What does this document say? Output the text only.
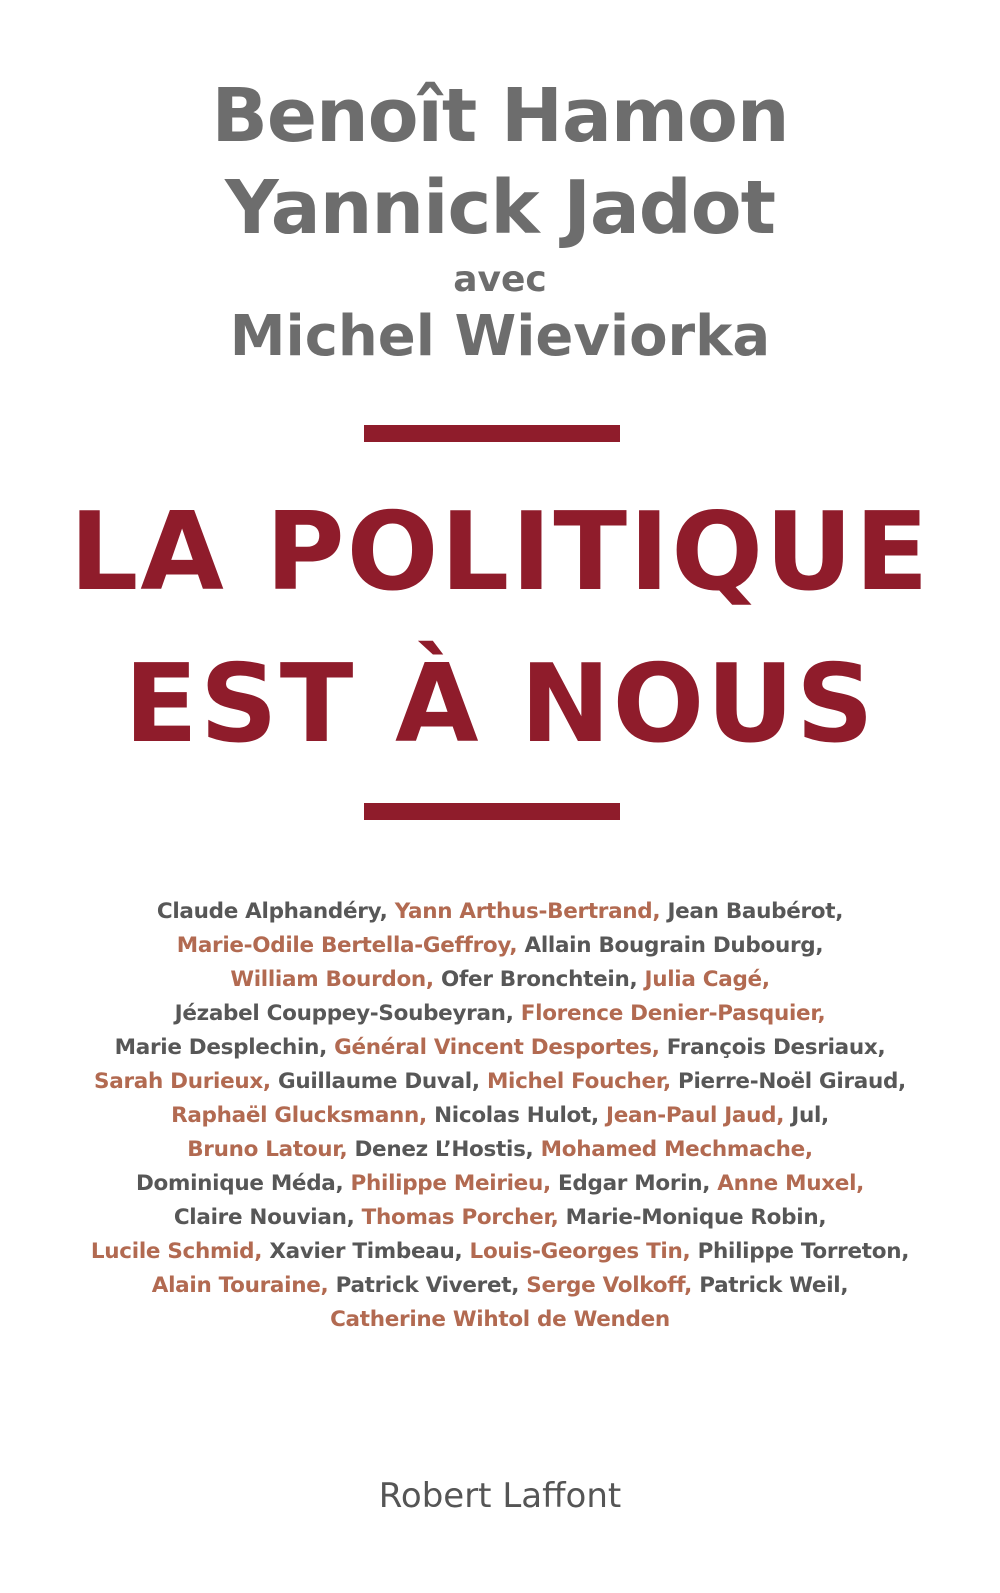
Benoît Hamon
Yannick Jadot
avec
Michel Wieviorka
LA POLITIQUE
EST À NOUS
Claude Alphandéry, Yann Arthus-Bertrand, Jean Baubérot,
Marie-Odile Bertella-Geffroy, Allain Bougrain Dubourg,
William Bourdon, Ofer Bronchtein, Julia Cagé,
Jézabel Couppey-Soubeyran, Florence Denier-Pasquier,
Marie Desplechin, Général Vincent Desportes, François Desriaux,
Sarah Durieux, Guillaume Duval, Michel Foucher, Pierre-Noël Giraud,
Raphaël Glucksmann, Nicolas Hulot, Jean-Paul Jaud, Jul,
Bruno Latour, Denez L’Hostis, Mohamed Mechmache,
Dominique Méda, Philippe Meirieu, Edgar Morin, Anne Muxel,
Claire Nouvian, Thomas Porcher, Marie-Monique Robin,
Lucile Schmid, Xavier Timbeau, Louis-Georges Tin, Philippe Torreton,
Alain Touraine, Patrick Viveret, Serge Volkoff, Patrick Weil,
Catherine Wihtol de Wenden
Robert Laffont
